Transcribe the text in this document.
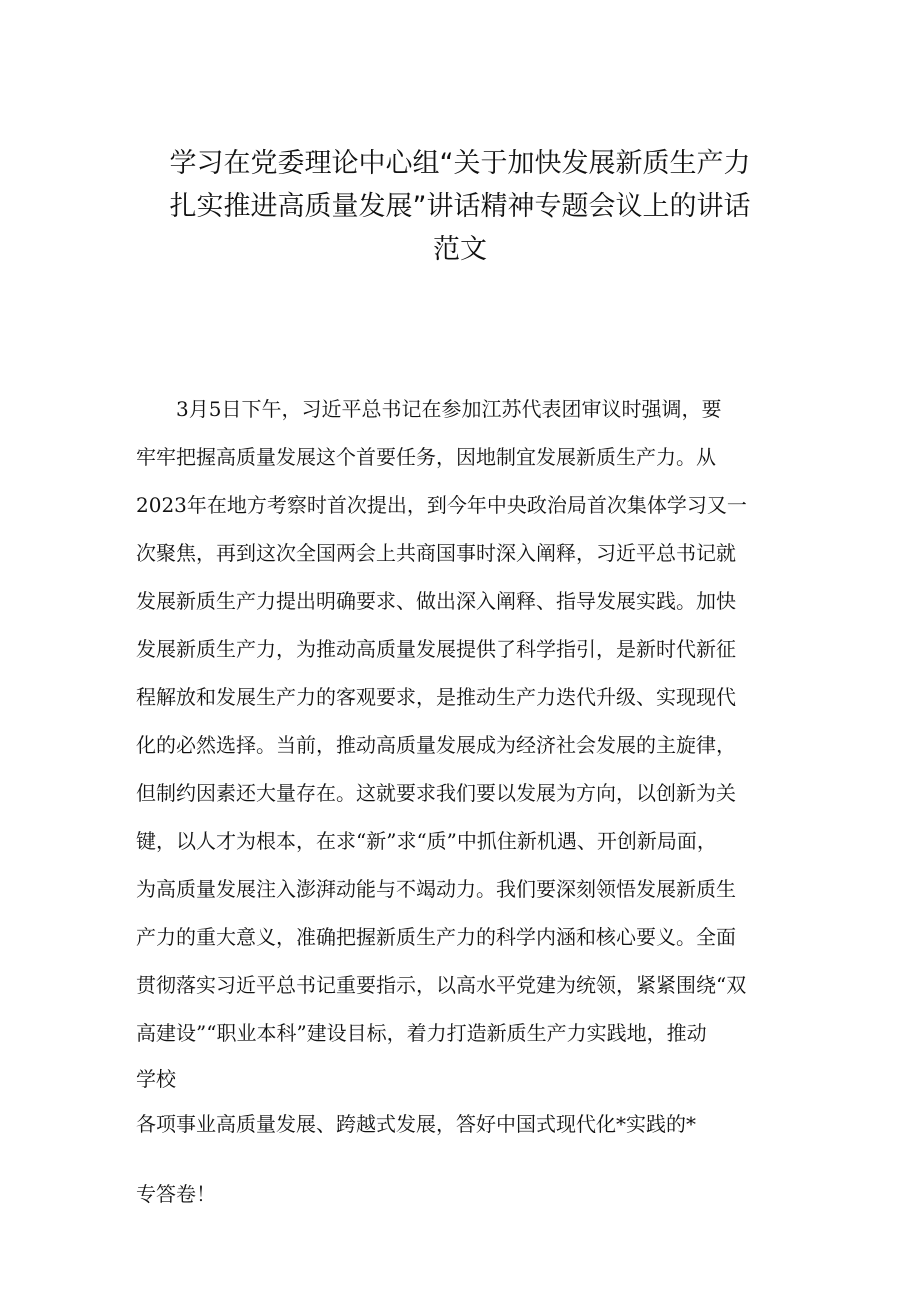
学习在党委理论中心组“关于加快发展新质生产力
扎实推进高质量发展”讲话精神专题会议上的讲话
范文
3月5日下午，习近平总书记在参加江苏代表团审议时强调，要
牢牢把握高质量发展这个首要任务，因地制宜发展新质生产力。从
2023年在地方考察时首次提出，到今年中央政治局首次集体学习又一
次聚焦，再到这次全国两会上共商国事时深入阐释，习近平总书记就
发展新质生产力提出明确要求、做出深入阐释、指导发展实践。加快
发展新质生产力，为推动高质量发展提供了科学指引，是新时代新征
程解放和发展生产力的客观要求，是推动生产力迭代升级、实现现代
化的必然选择。当前，推动高质量发展成为经济社会发展的主旋律，
但制约因素还大量存在。这就要求我们要以发展为方向，以创新为关
键，以人才为根本，在求“新”求“质”中抓住新机遇、开创新局面，
为高质量发展注入澎湃动能与不竭动力。我们要深刻领悟发展新质生
产力的重大意义，准确把握新质生产力的科学内涵和核心要义。全面
贯彻落实习近平总书记重要指示，以高水平党建为统领，紧紧围绕“双
高建设”“职业本科”建设目标，着力打造新质生产力实践地，推动
学校
各项事业高质量发展、跨越式发展，答好中国式现代化*实践的*
专答卷！
